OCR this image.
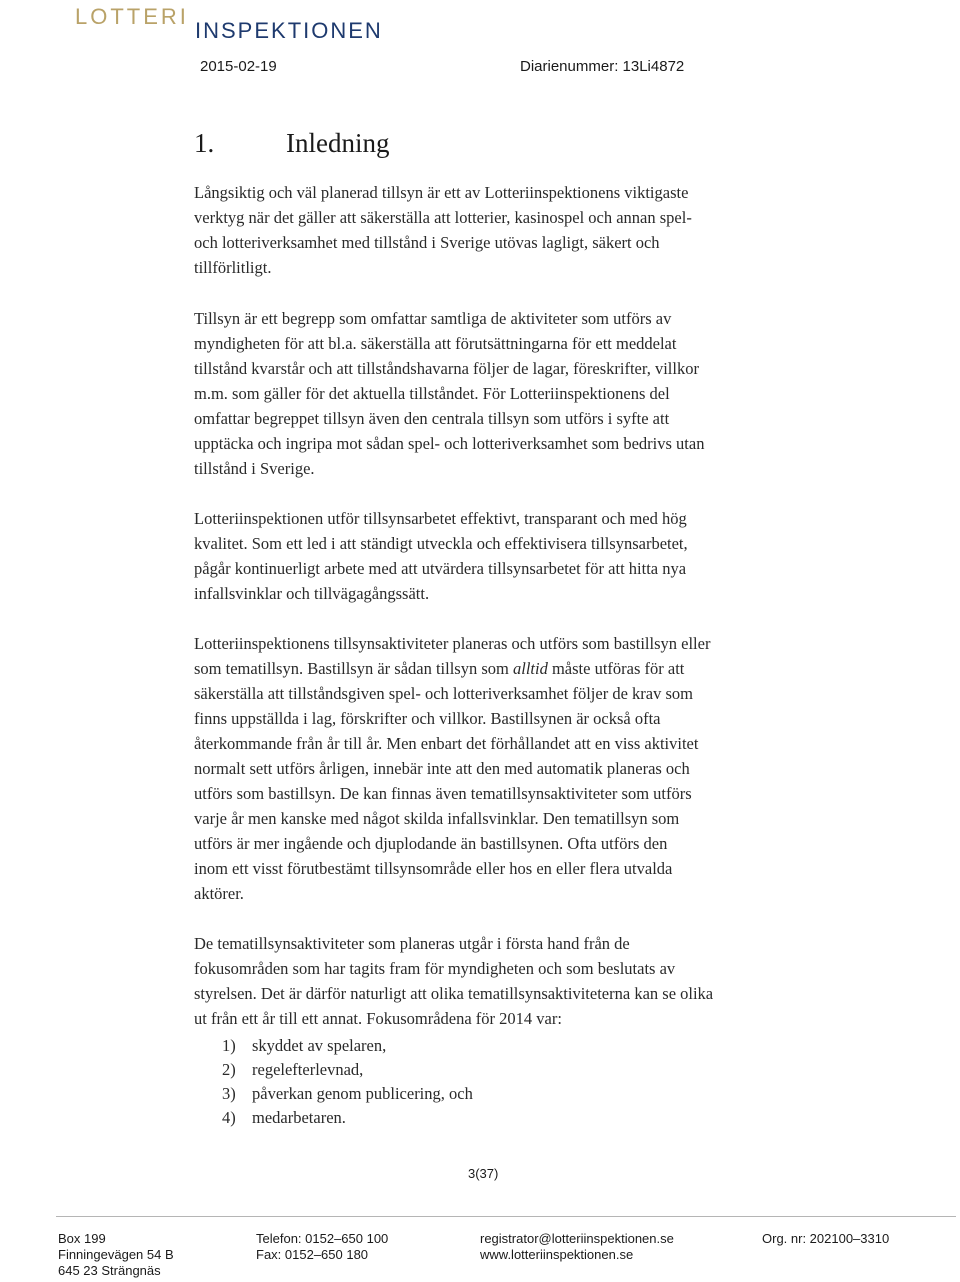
LOTTERI
INSPEKTIONEN
2015-02-19	Diarienummer: 13Li4872
1.	Inledning
Långsiktig och väl planerad tillsyn är ett av Lotteriinspektionens viktigaste
verktyg när det gäller att säkerställa att lotterier, kasinospel och annan spel-
och lotteriverksamhet med tillstånd i Sverige utövas lagligt, säkert och
tillförlitligt.
Tillsyn är ett begrepp som omfattar samtliga de aktiviteter som utförs av
myndigheten för att bl.a. säkerställa att förutsättningarna för ett meddelat
tillstånd kvarstår och att tillståndshavarna följer de lagar, föreskrifter, villkor
m.m. som gäller för det aktuella tillståndet. För Lotteriinspektionens del
omfattar begreppet tillsyn även den centrala tillsyn som utförs i syfte att
upptäcka och ingripa mot sådan spel- och lotteriverksamhet som bedrivs utan
tillstånd i Sverige.
Lotteriinspektionen utför tillsynsarbetet effektivt, transparant och med hög
kvalitet. Som ett led i att ständigt utveckla och effektivisera tillsynsarbetet,
pågår kontinuerligt arbete med att utvärdera tillsynsarbetet för att hitta nya
infallsvinklar och tillvägagångssätt.
Lotteriinspektionens tillsynsaktiviteter planeras och utförs som bastillsyn eller
som tematillsyn. Bastillsyn är sådan tillsyn som alltid måste utföras för att
säkerställa att tillståndsgiven spel- och lotteriverksamhet följer de krav som
finns uppställda i lag, förskrifter och villkor. Bastillsynen är också ofta
återkommande från år till år. Men enbart det förhållandet att en viss aktivitet
normalt sett utförs årligen, innebär inte att den med automatik planeras och
utförs som bastillsyn. De kan finnas även tematillsynsaktiviteter som utförs
varje år men kanske med något skilda infallsvinklar. Den tematillsyn som
utförs är mer ingående och djuplodande än bastillsynen. Ofta utförs den
inom ett visst förutbestämt tillsynsområde eller hos en eller flera utvalda
aktörer.
De tematillsynsaktiviteter som planeras utgår i första hand från de
fokusområden som har tagits fram för myndigheten och som beslutats av
styrelsen. Det är därför naturligt att olika tematillsynsaktiviteterna kan se olika
ut från ett år till ett annat. Fokusområdena för 2014 var:
1) skyddet av spelaren,
2) regelefterlevnad,
3) påverkan genom publicering, och
4) medarbetaren.
3(37)
Box 199
Finningevägen 54 B
645 23 Strängnäs
Telefon: 0152–650 100
Fax: 0152–650 180
registrator@lotteriinspektionen.se
www.lotteriinspektionen.se
Org. nr: 202100–3310
